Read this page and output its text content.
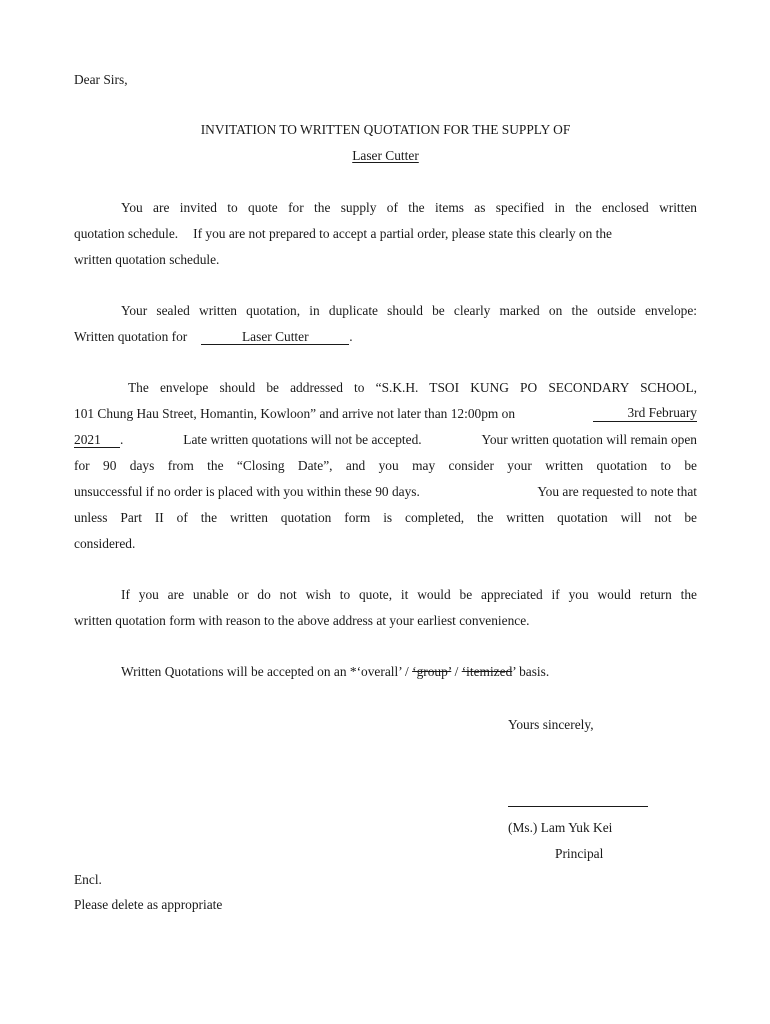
Dear Sirs,
INVITATION TO WRITTEN QUOTATION FOR THE SUPPLY OF
Laser Cutter
You are invited to quote for the supply of the items as specified in the enclosed written
quotation schedule. If you are not prepared to accept a partial order, please state this clearly on the
written quotation schedule.
Your sealed written quotation, in duplicate should be clearly marked on the outside envelope:
Written quotation for	Laser Cutter	.
The envelope should be addressed to “S.K.H. TSOI KUNG PO SECONDARY SCHOOL,
101 Chung Hau Street, Homantin, Kowloon” and arrive not later than 12:00pm on	3rd February
2021 .	Late written quotations will not be accepted.	Your written quotation will remain open
for 90 days from the “Closing Date”, and you may consider your written quotation to be
unsuccessful if no order is placed with you within these 90 days.	You are requested to note that
unless Part II of the written quotation form is completed, the written quotation will not be
considered.
If you are unable or do not wish to quote, it would be appreciated if you would return the
written quotation form with reason to the above address at your earliest convenience.
Written Quotations will be accepted on an *‘overall’ / ‘group’ / ‘itemized’ basis.
Yours sincerely,
(Ms.) Lam Yuk Kei
Principal
Encl.
Please delete as appropriate
